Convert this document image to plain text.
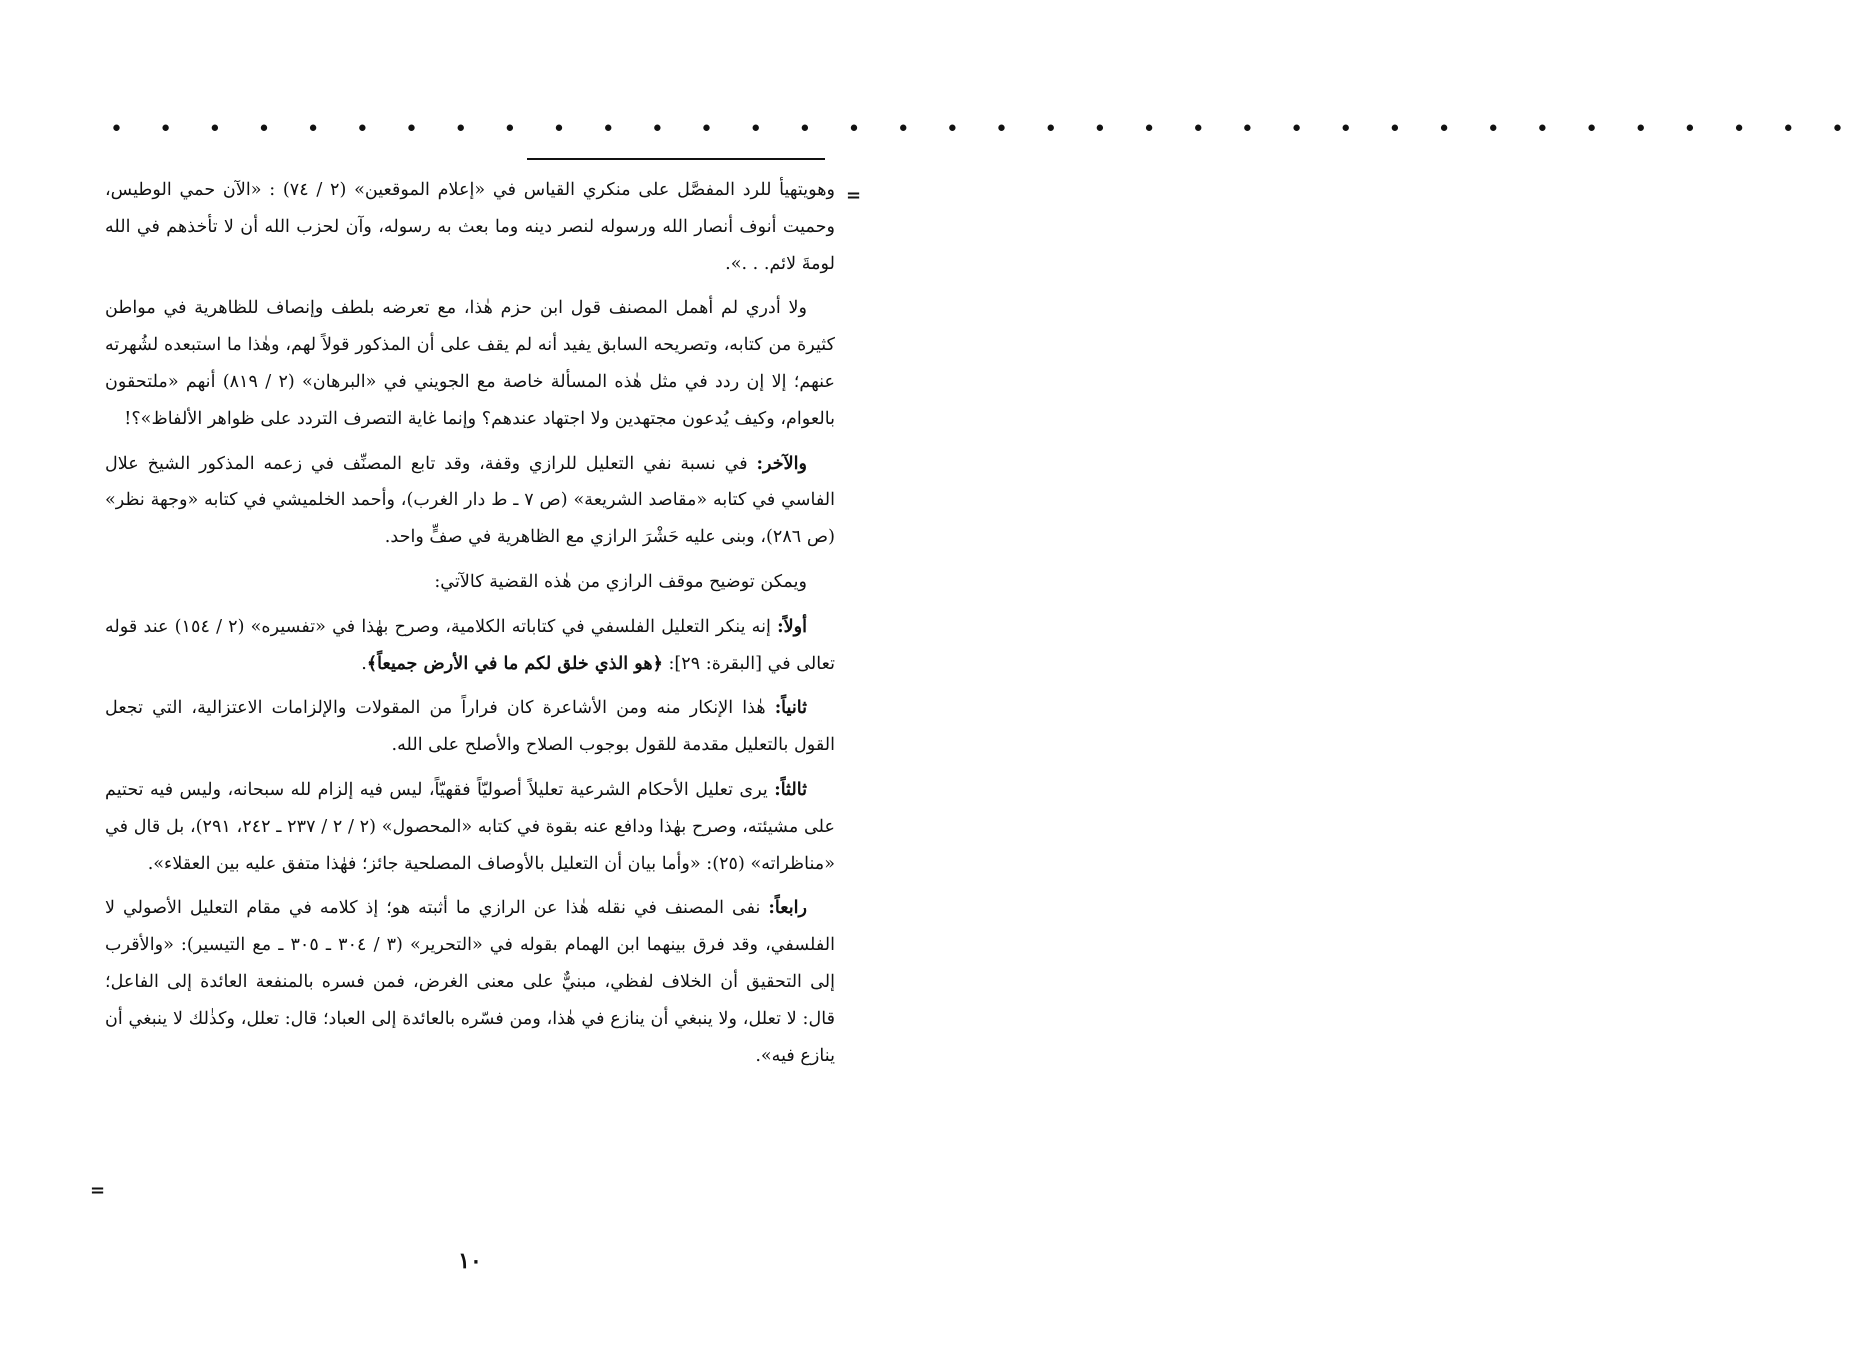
• • • • • • • • • • • • • • • • • • • • • • • • • • • • • • • • • • • •
=

وهويتهيأ للرد المفصَّل على منكري القياس في «إعلام الموقعين» (٢ / ٧٤) : «الآن حمي الوطيس، وحميت أنوف أنصار الله ورسوله لنصر دينه وما بعث به رسوله، وآن لحزب الله أن لا تأخذهم في الله لومةَ لائم. . .».

ولا أدري لم أهمل المصنف قول ابن حزم هٰذا، مع تعرضه بلطف وإنصاف للظاهرية في مواطن كثيرة من كتابه، وتصريحه السابق يفيد أنه لم يقف على أن المذكور قولاً لهم، وهٰذا ما استبعده لشُهرته عنهم؛ إلا إن ردد في مثل هٰذه المسألة خاصة مع الجويني في «البرهان» (٢ / ٨١٩) أنهم «ملتحقون بالعوام، وكيف يُدعون مجتهدين ولا اجتهاد عندهم؟ وإنما غاية التصرف التردد على ظواهر الألفاظ»؟!

والآخر: في نسبة نفي التعليل للرازي وقفة، وقد تابع المصنِّف في زعمه المذكور الشيخ علال الفاسي في كتابه «مقاصد الشريعة» (ص ٧ ـ ط دار الغرب)، وأحمد الخلميشي في كتابه «وجهة نظر» (ص ٢٨٦)، وبنى عليه حَشْرَ الرازي مع الظاهرية في صفٍّ واحد.

ويمكن توضيح موقف الرازي من هٰذه القضية كالآتي:

أولاً: إنه ينكر التعليل الفلسفي في كتاباته الكلامية، وصرح بهٰذا في «تفسيره» (٢ / ١٥٤) عند قوله تعالى في [البقرة: ٢٩]: ﴿هو الذي خلق لكم ما في الأرض جميعاً﴾.

ثانياً: هٰذا الإنكار منه ومن الأشاعرة كان فراراً من المقولات والإلزامات الاعتزالية، التي تجعل القول بالتعليل مقدمة للقول بوجوب الصلاح والأصلح على الله.

ثالثاً: يرى تعليل الأحكام الشرعية تعليلاً أصوليّاً فقهيّاً، ليس فيه إلزام لله سبحانه، وليس فيه تحتيم على مشيئته، وصرح بهٰذا ودافع عنه بقوة في كتابه «المحصول» (٢ / ٢ / ٢٣٧ ـ ٢٤٢، ٢٩١)، بل قال في «مناظراته» (٢٥): «وأما بيان أن التعليل بالأوصاف المصلحية جائز؛ فهٰذا متفق عليه بين العقلاء».

رابعاً: نفى المصنف في نقله هٰذا عن الرازي ما أثبته هو؛ إذ كلامه في مقام التعليل الأصولي لا الفلسفي، وقد فرق بينهما ابن الهمام بقوله في «التحرير» (٣ / ٣٠٤ ـ ٣٠٥ ـ مع التيسير): «والأقرب إلى التحقيق أن الخلاف لفظي، مبنيٌّ على معنى الغرض، فمن فسره بالمنفعة العائدة إلى الفاعل؛ قال: لا تعلل، ولا ينبغي أن ينازع في هٰذا، ومن فسّره بالعائدة إلى العباد؛ قال: تعلل، وكذٰلك لا ينبغي أن ينازع فيه».

=
١٠
